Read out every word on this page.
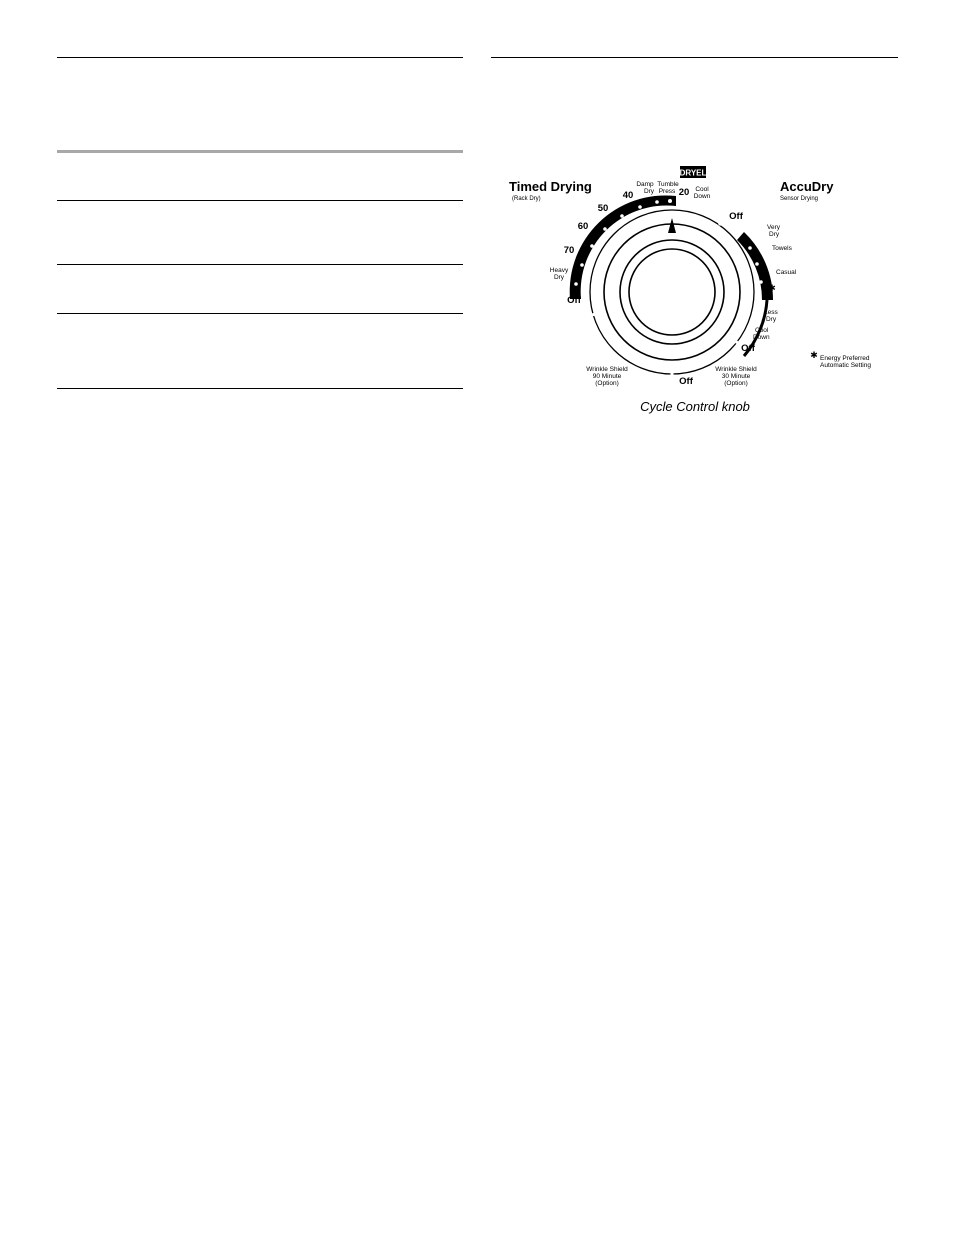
Timed Drying
(Rack Dry)
AccuDry
Sensor Drying
DRYEL
20
40
50
60
70
Damp
Dry
Tumble
Press	Cool
Down
Heavy
Dry
Off
Off
Off
Off
Very
Dry
Towels
Casual
✱
Less
Dry
Cool
Down
Wrinkle Shield
90 Minute
(Option)
Wrinkle Shield
30 Minute
(Option)
✱ Energy Preferred
Automatic Setting
Cycle Control knob
